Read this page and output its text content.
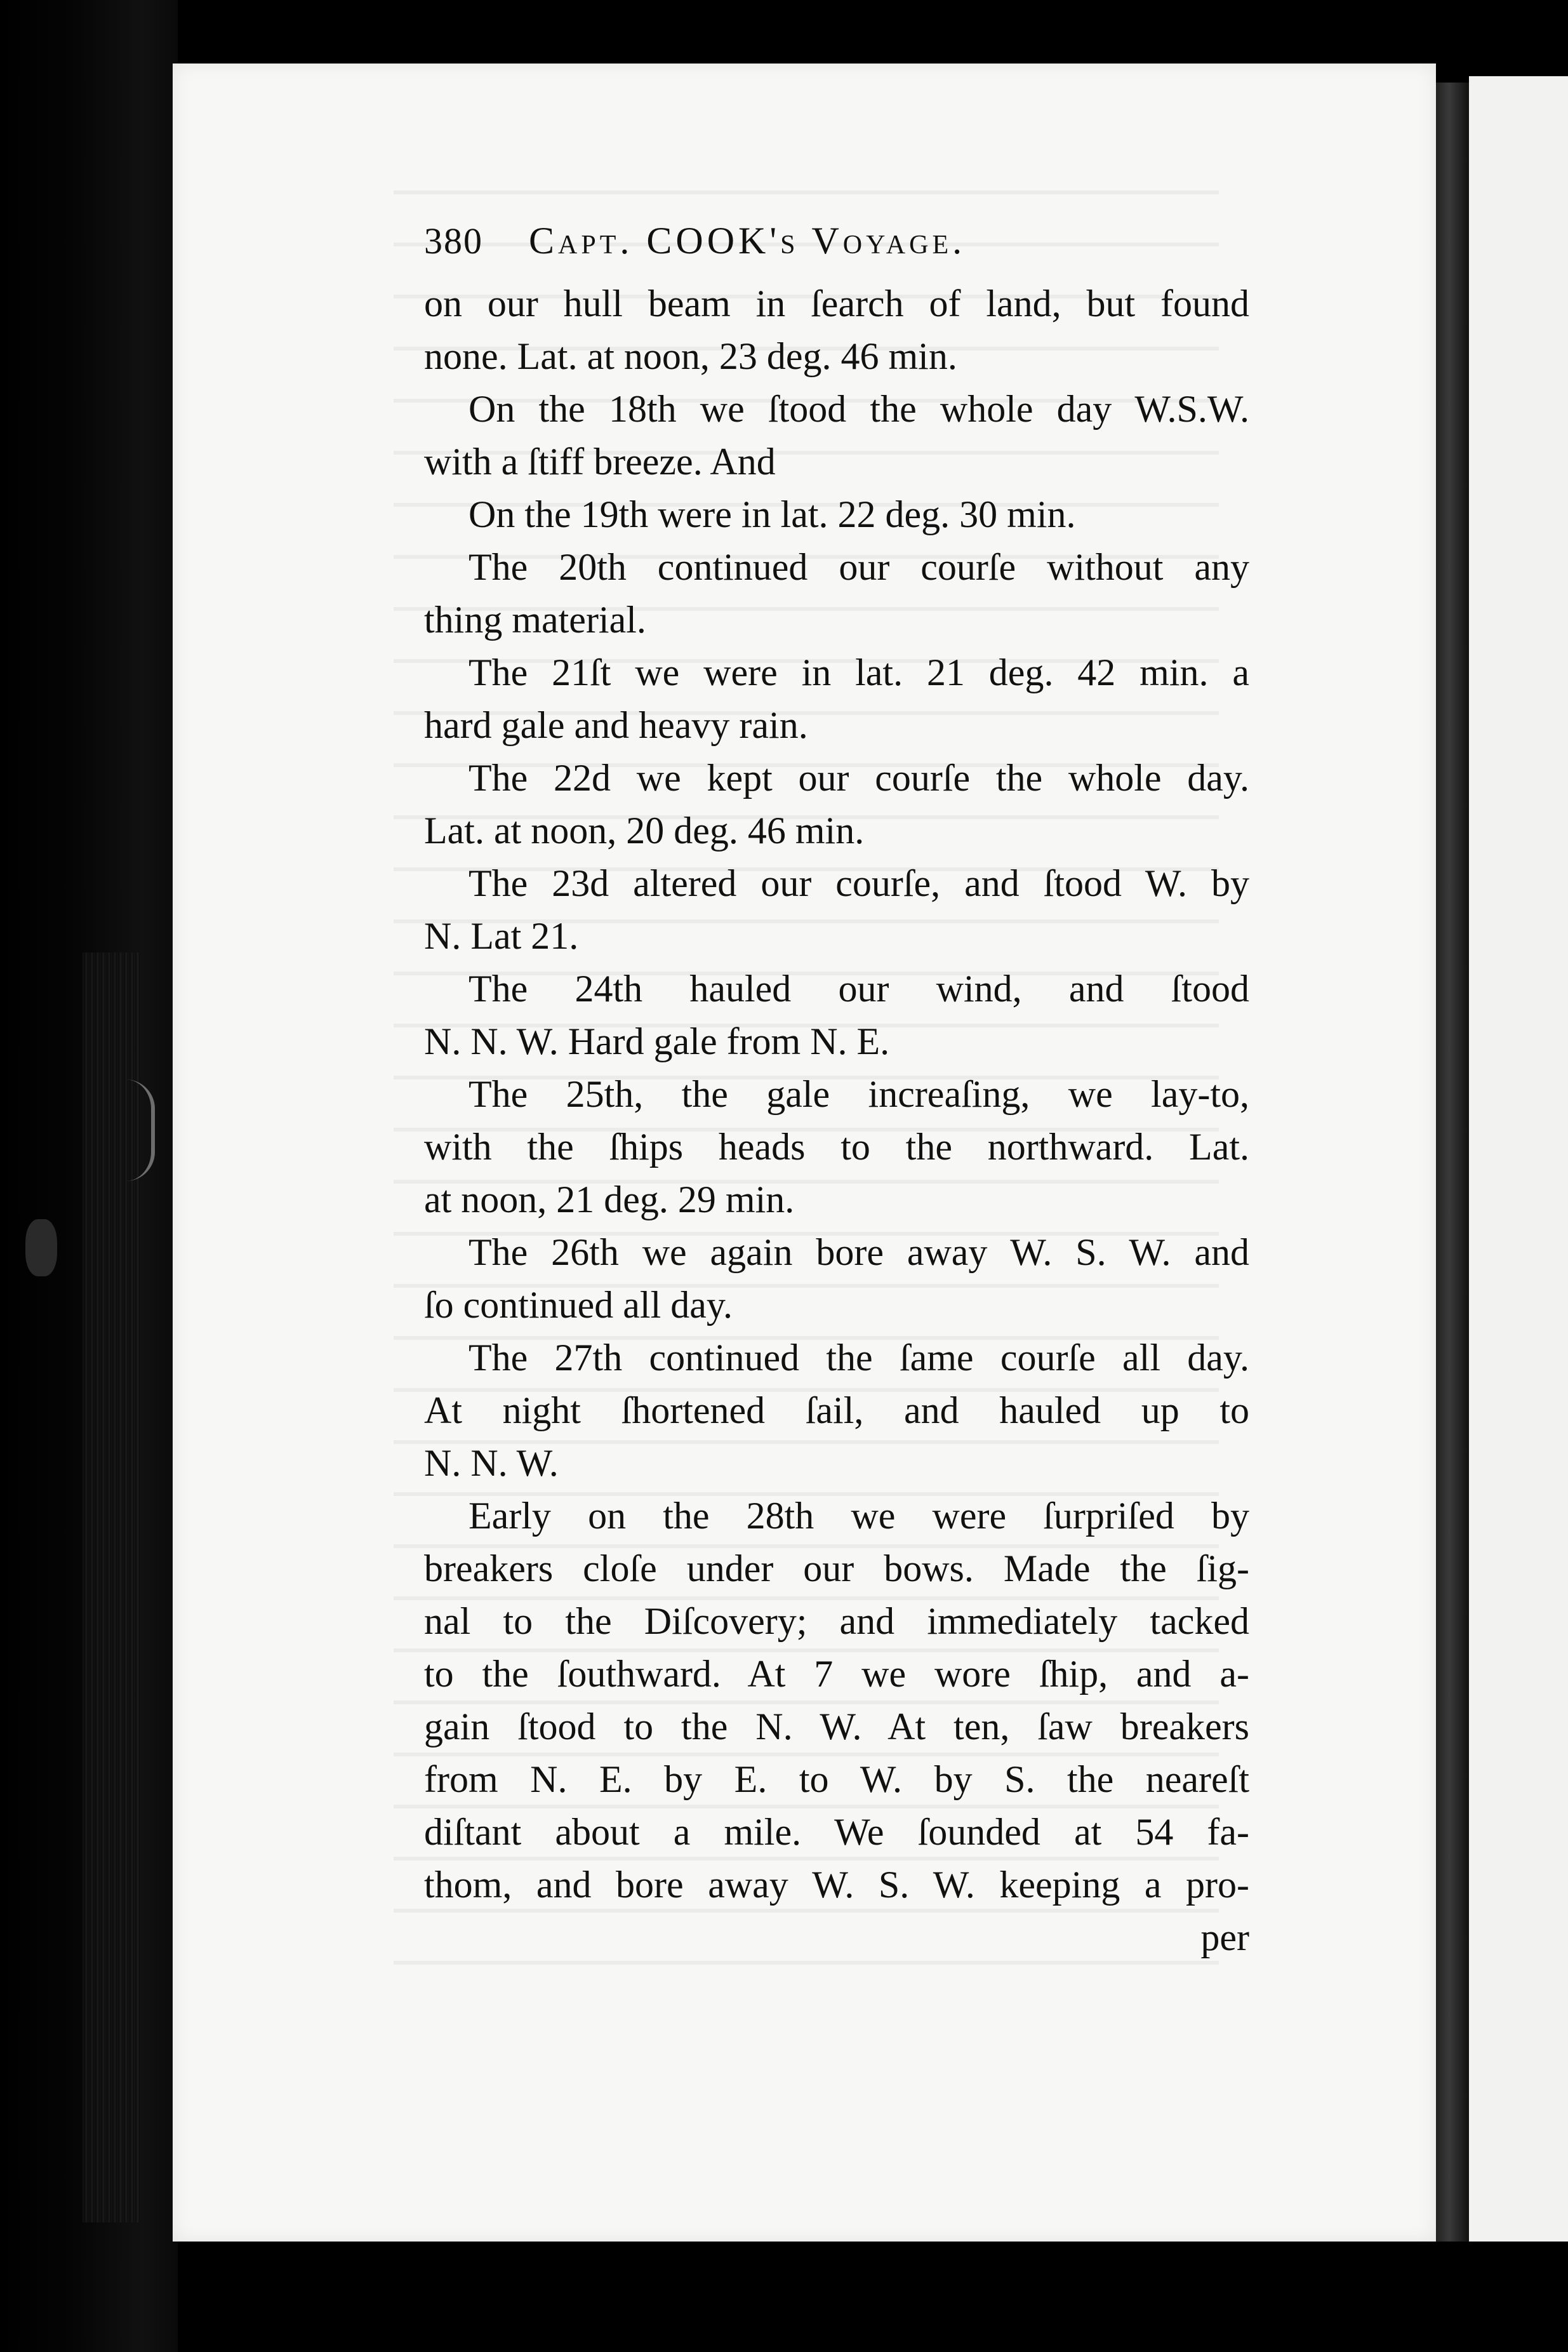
380	Capt. COOK's Voyage.
on our hull beam in ſearch of land, but found
none. Lat. at noon, 23 deg. 46 min.
On the 18th we ſtood the whole day W.S.W.
with a ſtiff breeze. And
On the 19th were in lat. 22 deg. 30 min.
The 20th continued our courſe without any
thing material.
The 21ſt we were in lat. 21 deg. 42 min. a
hard gale and heavy rain.
The 22d we kept our courſe the whole day.
Lat. at noon, 20 deg. 46 min.
The 23d altered our courſe, and ſtood W. by
N. Lat 21.
The 24th hauled our wind, and ſtood
N. N. W. Hard gale from N. E.
The 25th, the gale increaſing, we lay-to,
with the ſhips heads to the northward. Lat.
at noon, 21 deg. 29 min.
The 26th we again bore away W. S. W. and
ſo continued all day.
The 27th continued the ſame courſe all day.
At night ſhortened ſail, and hauled up to
N. N. W.
Early on the 28th we were ſurpriſed by
breakers cloſe under our bows. Made the ſig-
nal to the Diſcovery; and immediately tacked
to the ſouthward. At 7 we wore ſhip, and a-
gain ſtood to the N. W. At ten, ſaw breakers
from N. E. by E. to W. by S. the neareſt
diſtant about a mile. We ſounded at 54 fa-
thom, and bore away W. S. W. keeping a pro-
per
